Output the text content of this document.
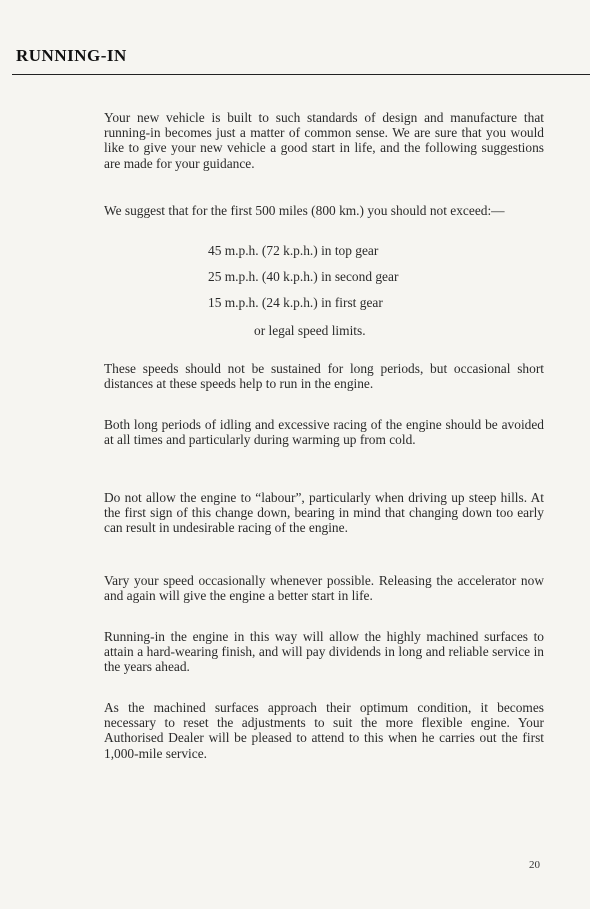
RUNNING-IN

Your new vehicle is built to such standards of design and manufacture that running-in becomes just a matter of common sense. We are sure that you would like to give your new vehicle a good start in life, and the following suggestions are made for your guidance.

We suggest that for the first 500 miles (800 km.) you should not exceed:—

45 m.p.h. (72 k.p.h.) in top gear
25 m.p.h. (40 k.p.h.) in second gear
15 m.p.h. (24 k.p.h.) in first gear
or legal speed limits.

These speeds should not be sustained for long periods, but occasional short distances at these speeds help to run in the engine.

Both long periods of idling and excessive racing of the engine should be avoided at all times and particularly during warming up from cold.

Do not allow the engine to “labour”, particularly when driving up steep hills. At the first sign of this change down, bearing in mind that changing down too early can result in undesirable racing of the engine.

Vary your speed occasionally whenever possible. Releasing the accelerator now and again will give the engine a better start in life.

Running-in the engine in this way will allow the highly machined surfaces to attain a hard-wearing finish, and will pay dividends in long and reliable service in the years ahead.

As the machined surfaces approach their optimum condition, it becomes necessary to reset the adjustments to suit the more flexible engine. Your Authorised Dealer will be pleased to attend to this when he carries out the first 1,000-mile service.

20
